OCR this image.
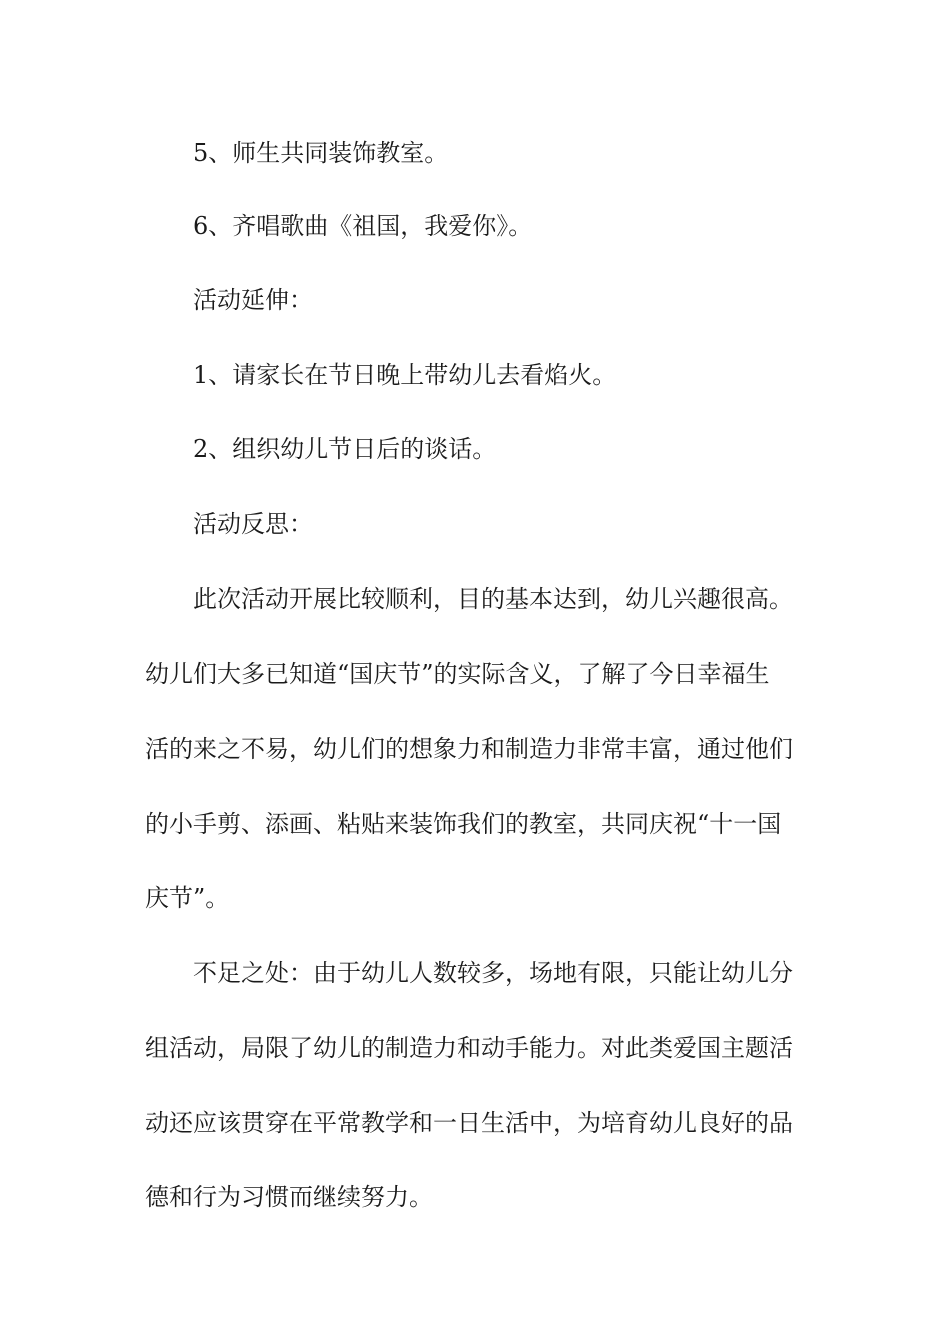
5、师生共同装饰教室。
6、齐唱歌曲《祖国，我爱你》。
活动延伸：
1、请家长在节日晚上带幼儿去看焰火。
2、组织幼儿节日后的谈话。
活动反思：
此次活动开展比较顺利，目的基本达到，幼儿兴趣很高。
幼儿们大多已知道“国庆节”的实际含义，了解了今日幸福生
活的来之不易，幼儿们的想象力和制造力非常丰富，通过他们
的小手剪、添画、粘贴来装饰我们的教室，共同庆祝“十一国
庆节”。
不足之处：由于幼儿人数较多，场地有限，只能让幼儿分
组活动，局限了幼儿的制造力和动手能力。对此类爱国主题活
动还应该贯穿在平常教学和一日生活中，为培育幼儿良好的品
德和行为习惯而继续努力。
